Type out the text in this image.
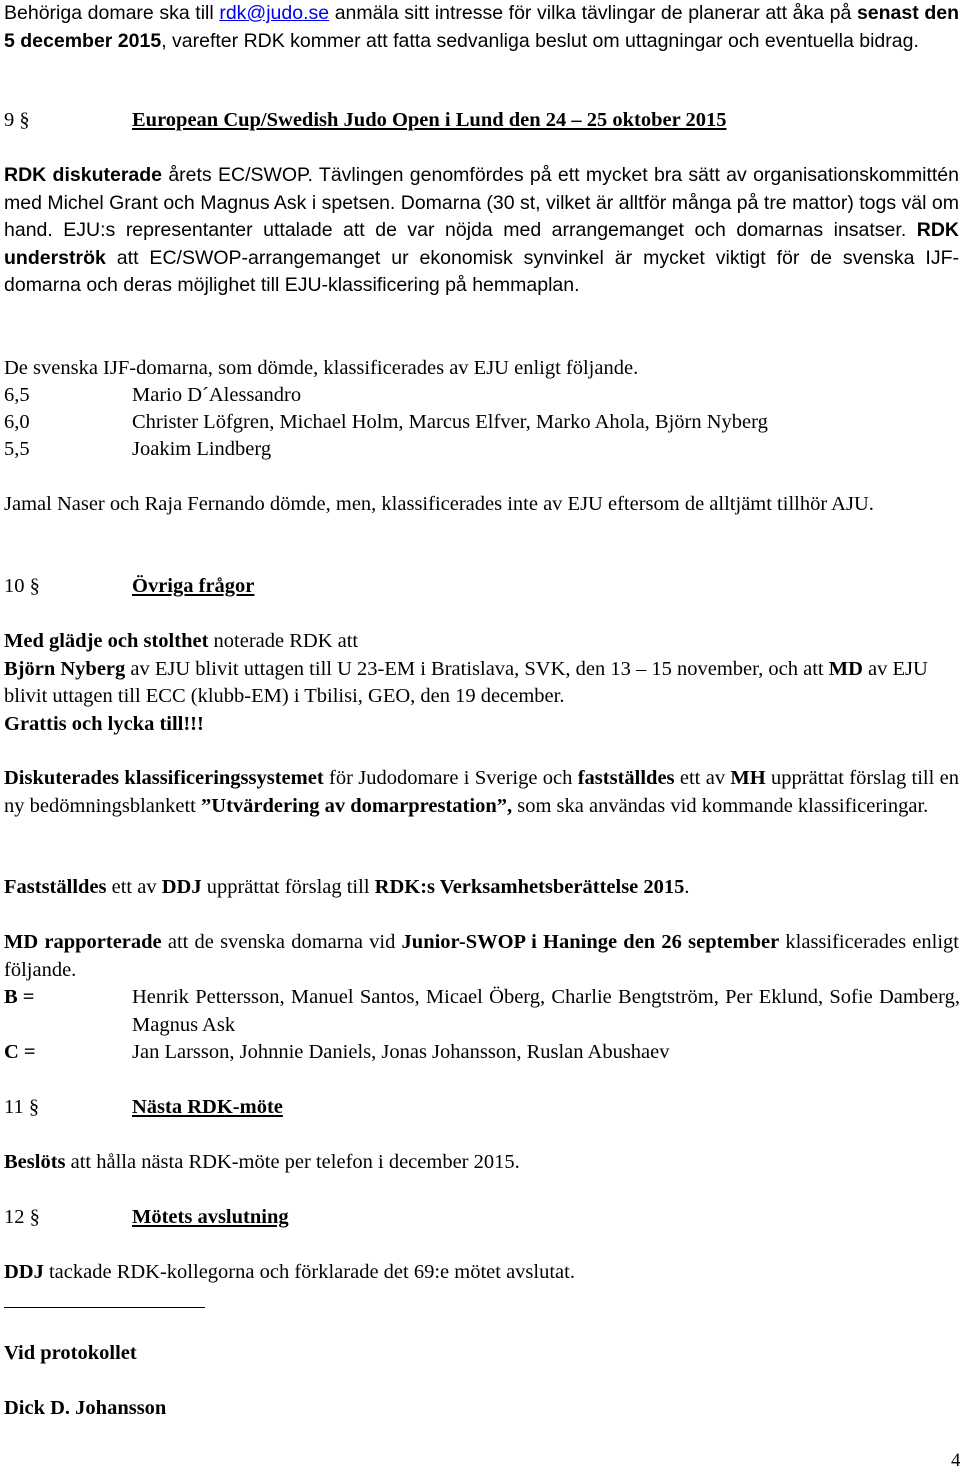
Behöriga domare ska till rdk@judo.se anmäla sitt intresse för vilka tävlingar de planerar att åka på senast den 5 december 2015, varefter RDK kommer att fatta sedvanliga beslut om uttagningar och eventuella bidrag.
9 §	European Cup/Swedish Judo Open i Lund den 24 – 25 oktober 2015
RDK diskuterade årets EC/SWOP. Tävlingen genomfördes på ett mycket bra sätt av organisationskommittén med Michel Grant och Magnus Ask i spetsen. Domarna (30 st, vilket är alltför många på tre mattor) togs väl om hand. EJU:s representanter uttalade att de var nöjda med arrangemanget och domarnas insatser. RDK underströk att EC/SWOP-arrangemanget ur ekonomisk synvinkel är mycket viktigt för de svenska IJF-domarna och deras möjlighet till EJU-klassificering på hemmaplan.
De svenska IJF-domarna, som dömde, klassificerades av EJU enligt följande.
6,5	Mario D´Alessandro
6,0	Christer Löfgren, Michael Holm, Marcus Elfver, Marko Ahola, Björn Nyberg
5,5	Joakim Lindberg
Jamal Naser och Raja Fernando dömde, men, klassificerades inte av EJU eftersom de alltjämt tillhör AJU.
10 §	Övriga frågor
Med glädje och stolthet noterade RDK att
Björn Nyberg av EJU blivit uttagen till U 23-EM i Bratislava, SVK, den 13 – 15 november, och att MD av EJU blivit uttagen till ECC (klubb-EM) i Tbilisi, GEO, den 19 december.
Grattis och lycka till!!!
Diskuterades klassificeringssystemet för Judodomare i Sverige och fastställdes ett av MH upprättat förslag till en ny bedömningsblankett ”Utvärdering av domarprestation”, som ska användas vid kommande klassificeringar.
Fastställdes ett av DDJ upprättat förslag till RDK:s Verksamhetsberättelse 2015.
MD rapporterade att de svenska domarna vid Junior-SWOP i Haninge den 26 september klassificerades enligt följande.
B =	Henrik Pettersson, Manuel Santos, Micael Öberg, Charlie Bengtström, Per Eklund, Sofie Damberg, Magnus Ask
C =	Jan Larsson, Johnnie Daniels, Jonas Johansson, Ruslan Abushaev
11 §	Nästa RDK-möte
Beslöts att hålla nästa RDK-möte per telefon i december 2015.
12 §	Mötets avslutning
DDJ tackade RDK-kollegorna och förklarade det 69:e mötet avslutat.
Vid protokollet
Dick D. Johansson
4
